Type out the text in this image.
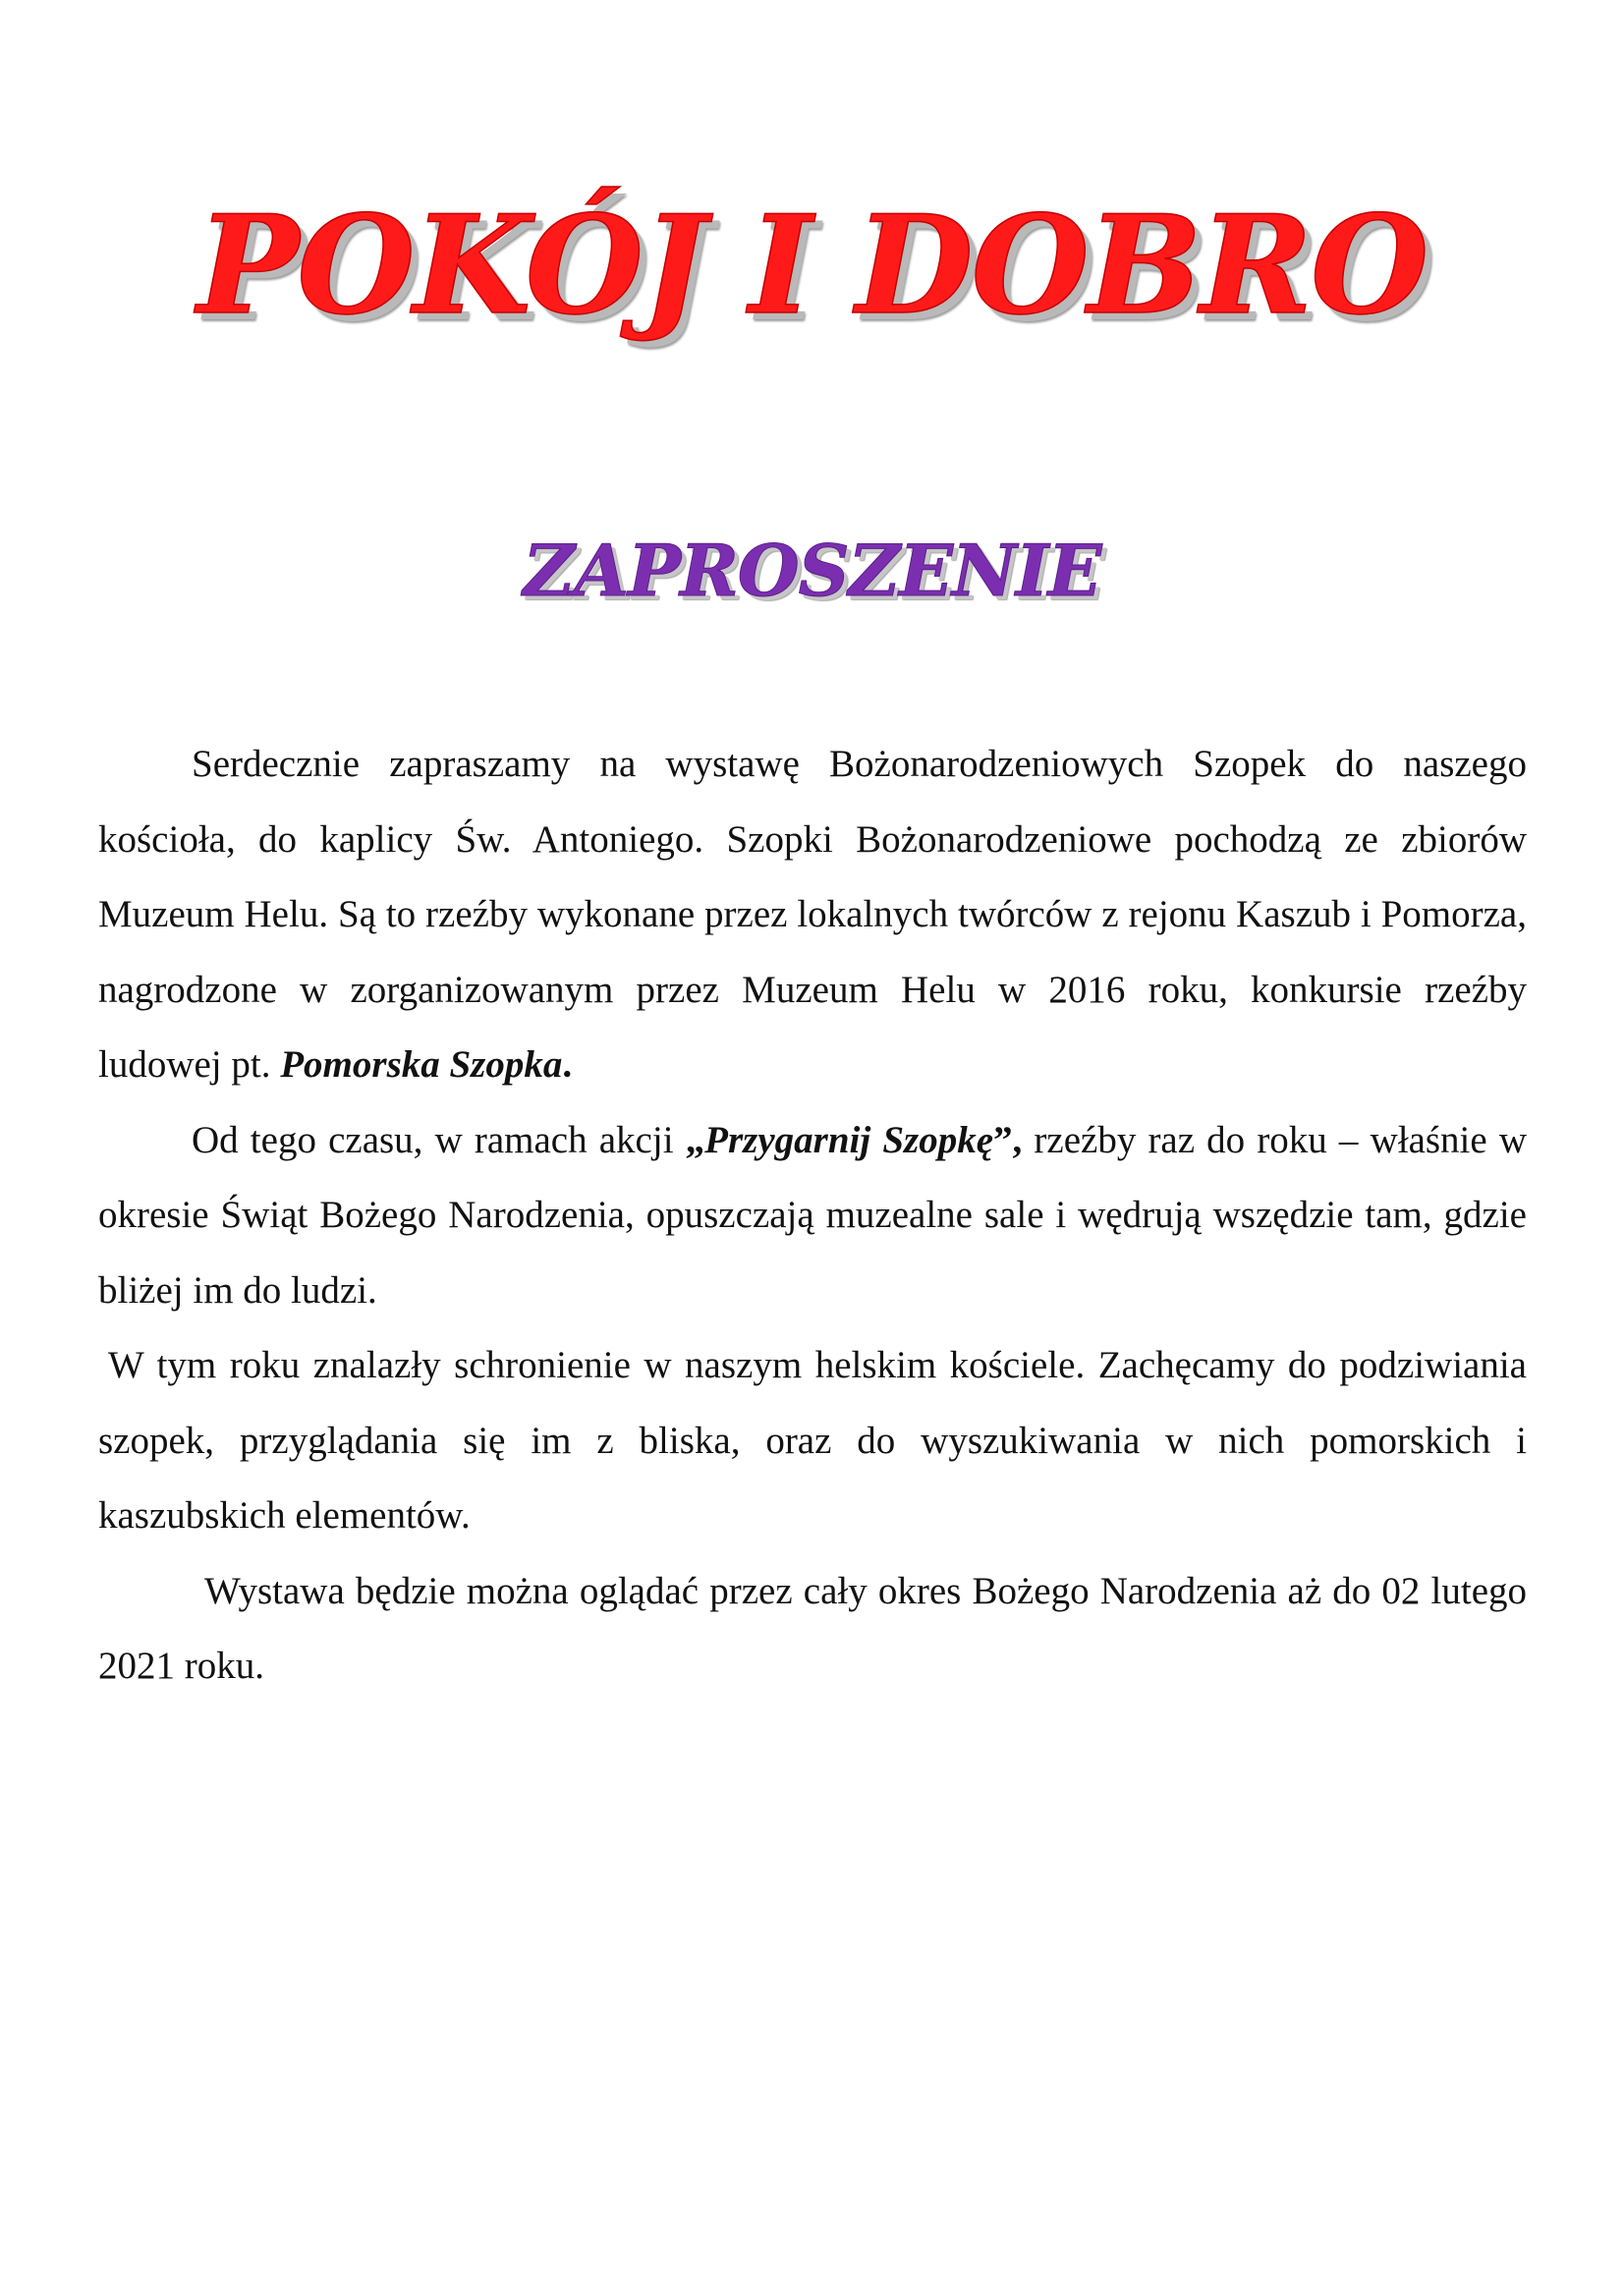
POKÓJ I DOBRO
ZAPROSZENIE

Serdecznie zapraszamy na wystawę Bożonarodzeniowych Szopek do naszego kościoła, do kaplicy Św. Antoniego. Szopki Bożonarodzeniowe pochodzą ze zbiorów Muzeum Helu. Są to rzeźby wykonane przez lokalnych twórców z rejonu Kaszub i Pomorza, nagrodzone w zorganizowanym przez Muzeum Helu w 2016 roku, konkursie rzeźby ludowej pt. Pomorska Szopka.

Od tego czasu, w ramach akcji „Przygarnij Szopkę”, rzeźby raz do roku – właśnie w okresie Świąt Bożego Narodzenia, opuszczają muzealne sale i wędrują wszędzie tam, gdzie bliżej im do ludzi.

W tym roku znalazły schronienie w naszym helskim kościele. Zachęcamy do podziwiania szopek, przyglądania się im z bliska, oraz do wyszukiwania w nich pomorskich i kaszubskich elementów.

Wystawa będzie można oglądać przez cały okres Bożego Narodzenia aż do 02 lutego 2021 roku.
